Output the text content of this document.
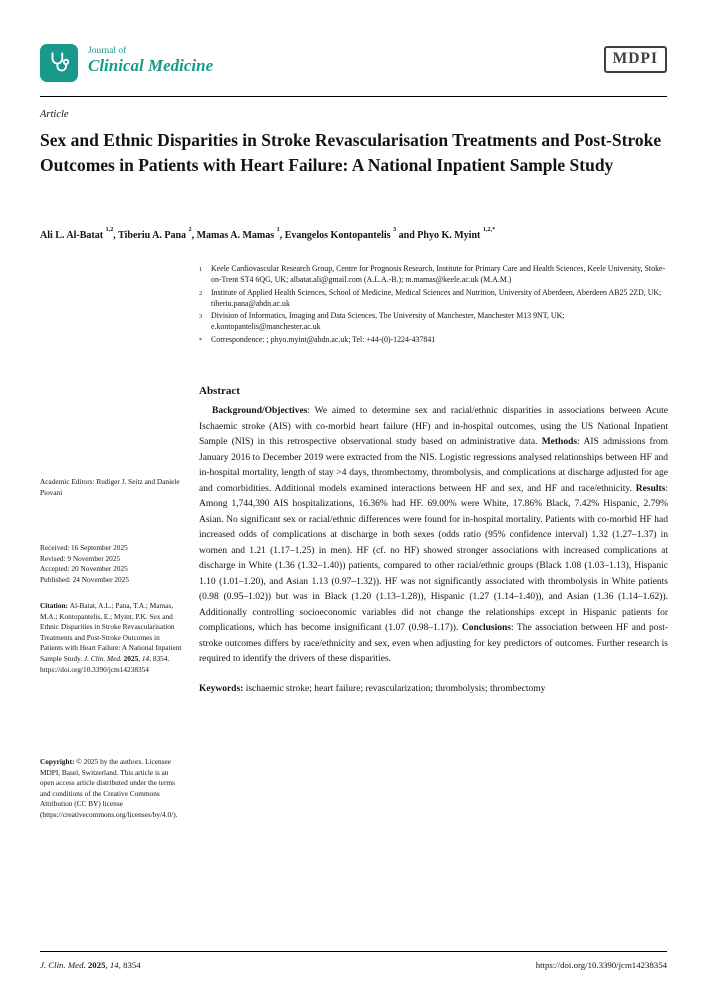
Journal of
Clinical Medicine	MDPI
Article
Sex and Ethnic Disparities in Stroke Revascularisation Treatments and Post-Stroke Outcomes in Patients with Heart Failure: A National Inpatient Sample Study
Ali L. Al-Batat $^{1,2}$, Tiberiu A. Pana $^2$, Mamas A. Mamas $^1$, Evangelos Kontopantelis $^3$ and Phyo K. Myint $^{1,2,*}$
1	Keele Cardiovascular Research Group, Centre for Prognosis Research, Institute for Primary Care and Health Sciences, Keele University, Stoke-on-Trent ST4 6QG, UK; albatat.ali@gmail.com (A.L.A.-B.); m.mamas@keele.ac.uk (M.A.M.)
2	Institute of Applied Health Sciences, School of Medicine, Medical Sciences and Nutrition, University of Aberdeen, Aberdeen AB25 2ZD, UK; tiberiu.pana@abdn.ac.uk
3	Division of Informatics, Imaging and Data Sciences, The University of Manchester, Manchester M13 9NT, UK; e.kontopantelis@manchester.ac.uk
*	Correspondence: ; phyo.myint@abdn.ac.uk; Tel: +44-(0)-1224-437841
Academic Editors: Rudiger J. Seitz and Daniele Piovani
Received: 16 September 2025
Revised: 9 November 2025
Accepted: 20 November 2025
Published: 24 November 2025
Citation: Al-Batat, A.L.; Pana, T.A.; Mamas, M.A.; Kontopantelis, E.; Myint, P.K. Sex and Ethnic Disparities in Stroke Revascularisation Treatments and Post-Stroke Outcomes in Patients with Heart Failure: A National Inpatient Sample Study. J. Clin. Med. 2025, 14, 8354. https://doi.org/10.3390/jcm14238354
Copyright: © 2025 by the authors. Licensee MDPI, Basel, Switzerland. This article is an open access article distributed under the terms and conditions of the Creative Commons Attribution (CC BY) license (https://creativecommons.org/licenses/by/4.0/).
Abstract
Background/Objectives: We aimed to determine sex and racial/ethnic disparities in associations between Acute Ischaemic stroke (AIS) with co-morbid heart failure (HF) and in-hospital outcomes, using the US National Inpatient Sample (NIS) in this retrospective observational study based on administrative data. Methods: AIS admissions from January 2016 to December 2019 were extracted from the NIS. Logistic regressions analysed relationships between HF and in-hospital mortality, length of stay >4 days, thrombectomy, thrombolysis, and complications at discharge adjusted for age and comorbidities. Additional models examined interactions between HF and sex, and HF and race/ethnicity. Results: Among 1,744,390 AIS hospitalizations, 16.36% had HF. 69.00% were White, 17.86% Black, 7.42% Hispanic, 2.79% Asian. No significant sex or racial/ethnic differences were found for in-hospital mortality. Patients with co-morbid HF had increased odds of complications at discharge in both sexes (odds ratio (95% confidence interval) 1.32 (1.27–1.37) in women and 1.21 (1.17–1.25) in men). HF (cf. no HF) showed stronger associations with increased complications at discharge in White (1.36 (1.32–1.40)) patients, compared to other racial/ethnic groups (Black 1.08 (1.03–1.13), Hispanic 1.10 (1.01–1.20), and Asian 1.13 (0.97–1.32)). HF was not significantly associated with thrombolysis in White patients (0.98 (0.95–1.02)) but was in Black (1.20 (1.13–1.28)), Hispanic (1.27 (1.14–1.40)), and Asian (1.36 (1.14–1.62)). Additionally controlling socioeconomic variables did not change the relationships except in Hispanic patients for complications, which has become insignificant (1.07 (0.98–1.17)). Conclusions: The association between HF and post-stroke outcomes differs by race/ethnicity and sex, even when adjusting for key predictors of outcomes. Further research is required to identify the drivers of these disparities.
Keywords: ischaemic stroke; heart failure; revascularization; thrombolysis; thrombectomy
J. Clin. Med. 2025, 14, 8354	https://doi.org/10.3390/jcm14238354
